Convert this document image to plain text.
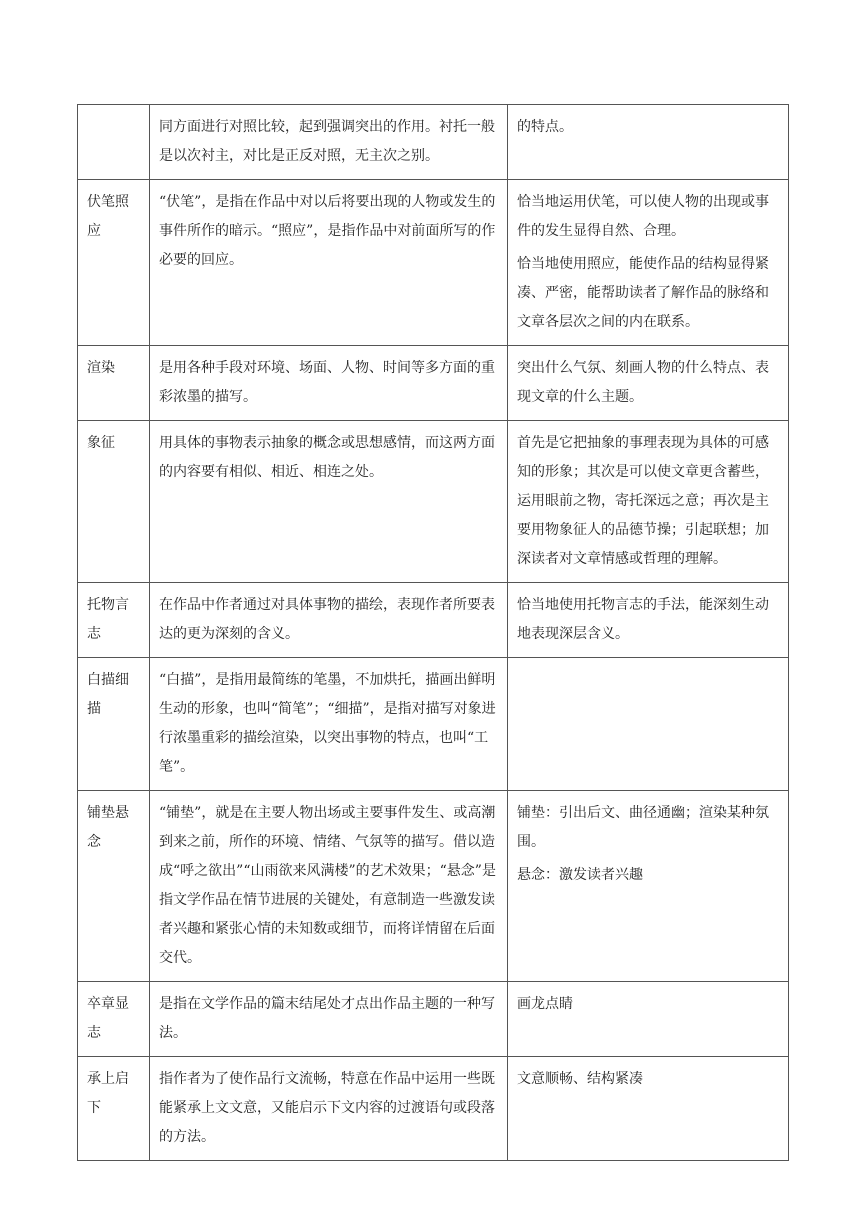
	同方面进行对照比较，起到强调突出的作用。衬托一般是以次衬主，对比是正反对照，无主次之别。	的特点。

伏笔照应	“伏笔”，是指在作品中对以后将要出现的人物或发生的事件所作的暗示。“照应”，是指作品中对前面所写的作必要的回应。	恰当地运用伏笔，可以使人物的出现或事件的发生显得自然、合理。

恰当地使用照应，能使作品的结构显得紧凑、严密，能帮助读者了解作品的脉络和文章各层次之间的内在联系。

渲染	是用各种手段对环境、场面、人物、时间等多方面的重彩浓墨的描写。	突出什么气氛、刻画人物的什么特点、表现文章的什么主题。

象征	用具体的事物表示抽象的概念或思想感情，而这两方面的内容要有相似、相近、相连之处。	首先是它把抽象的事理表现为具体的可感知的形象；其次是可以使文章更含蓄些，运用眼前之物，寄托深远之意；再次是主要用物象征人的品德节操；引起联想；加深读者对文章情感或哲理的理解。

托物言志	在作品中作者通过对具体事物的描绘，表现作者所要表达的更为深刻的含义。	恰当地使用托物言志的手法，能深刻生动地表现深层含义。

白描细描	“白描”，是指用最简练的笔墨，不加烘托，描画出鲜明生动的形象，也叫“简笔”；“细描”，是指对描写对象进行浓墨重彩的描绘渲染，以突出事物的特点，也叫“工笔”。	
铺垫悬念	“铺垫”，就是在主要人物出场或主要事件发生、或高潮到来之前，所作的环境、情绪、气氛等的描写。借以造成“呼之欲出”“山雨欲来风满楼”的艺术效果；“悬念”是指文学作品在情节进展的关键处，有意制造一些激发读者兴趣和紧张心情的未知数或细节，而将详情留在后面交代。	铺垫：引出后文、曲径通幽；渲染某种氛围。

悬念：激发读者兴趣

卒章显志	是指在文学作品的篇末结尾处才点出作品主题的一种写法。	画龙点睛

承上启下	指作者为了使作品行文流畅，特意在作品中运用一些既能紧承上文文意，又能启示下文内容的过渡语句或段落的方法。	文意顺畅、结构紧凑
